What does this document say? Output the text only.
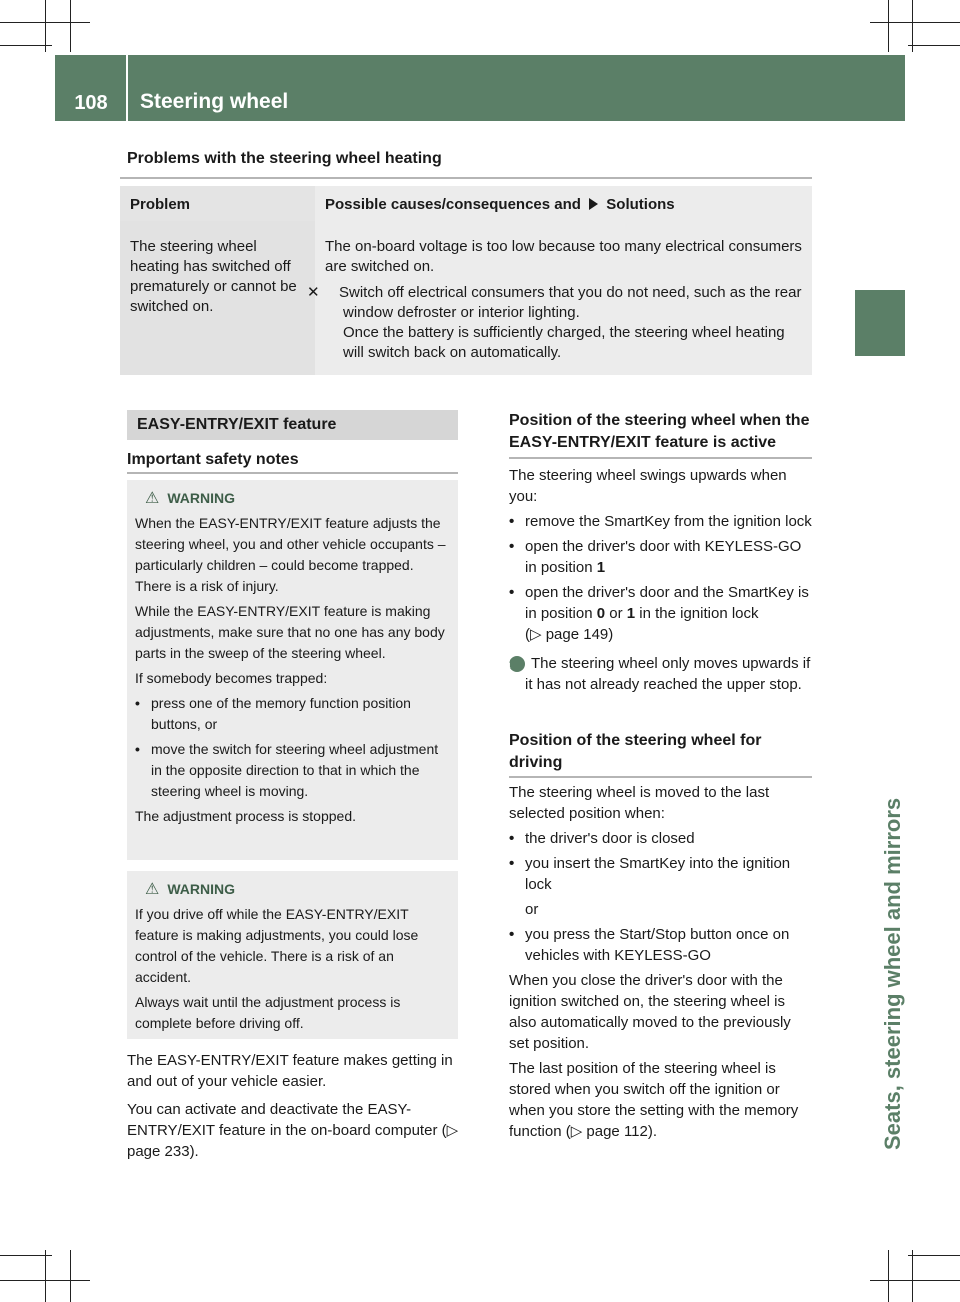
108	Steering wheel
Seats, steering wheel and mirrors
Problems with the steering wheel heating
Problem	Possible causes/consequences and Solutions
The steering wheel heating has switched off prematurely or cannot be switched on.	The on-board voltage is too low because too many electrical consumers are switched on.

✕ Switch off electrical consumers that you do not need, such as the rear window defroster or interior lighting.

Once the battery is sufficiently charged, the steering wheel heating will switch back on automatically.

EASY-ENTRY/EXIT feature
Important safety notes
⚠ WARNING

When the EASY-ENTRY/EXIT feature adjusts the steering wheel, you and other vehicle occupants – particularly children – could become trapped. There is a risk of injury.

While the EASY-ENTRY/EXIT feature is making adjustments, make sure that no one has any body parts in the sweep of the steering wheel.

If somebody becomes trapped:

• press one of the memory function position buttons, or

• move the switch for steering wheel adjustment in the opposite direction to that in which the steering wheel is moving.

The adjustment process is stopped.

⚠ WARNING

If you drive off while the EASY-ENTRY/EXIT feature is making adjustments, you could lose control of the vehicle. There is a risk of an accident.

Always wait until the adjustment process is complete before driving off.

The EASY-ENTRY/EXIT feature makes getting in and out of your vehicle easier.

You can activate and deactivate the EASY-ENTRY/EXIT feature in the on-board computer (▷ page 233).

Position of the steering wheel when the EASY-ENTRY/EXIT feature is active

The steering wheel swings upwards when you:

• remove the SmartKey from the ignition lock

• open the driver's door with KEYLESS-GO in position 1

• open the driver's door and the SmartKey is in position 0 or 1 in the ignition lock
(▷ page 149)

i The steering wheel only moves upwards if it has not already reached the upper stop.

Position of the steering wheel for driving

The steering wheel is moved to the last selected position when:

• the driver's door is closed

• you insert the SmartKey into the ignition lock

or

• you press the Start/Stop button once on vehicles with KEYLESS-GO

When you close the driver's door with the ignition switched on, the steering wheel is also automatically moved to the previously set position.

The last position of the steering wheel is stored when you switch off the ignition or when you store the setting with the memory function (▷ page 112).
